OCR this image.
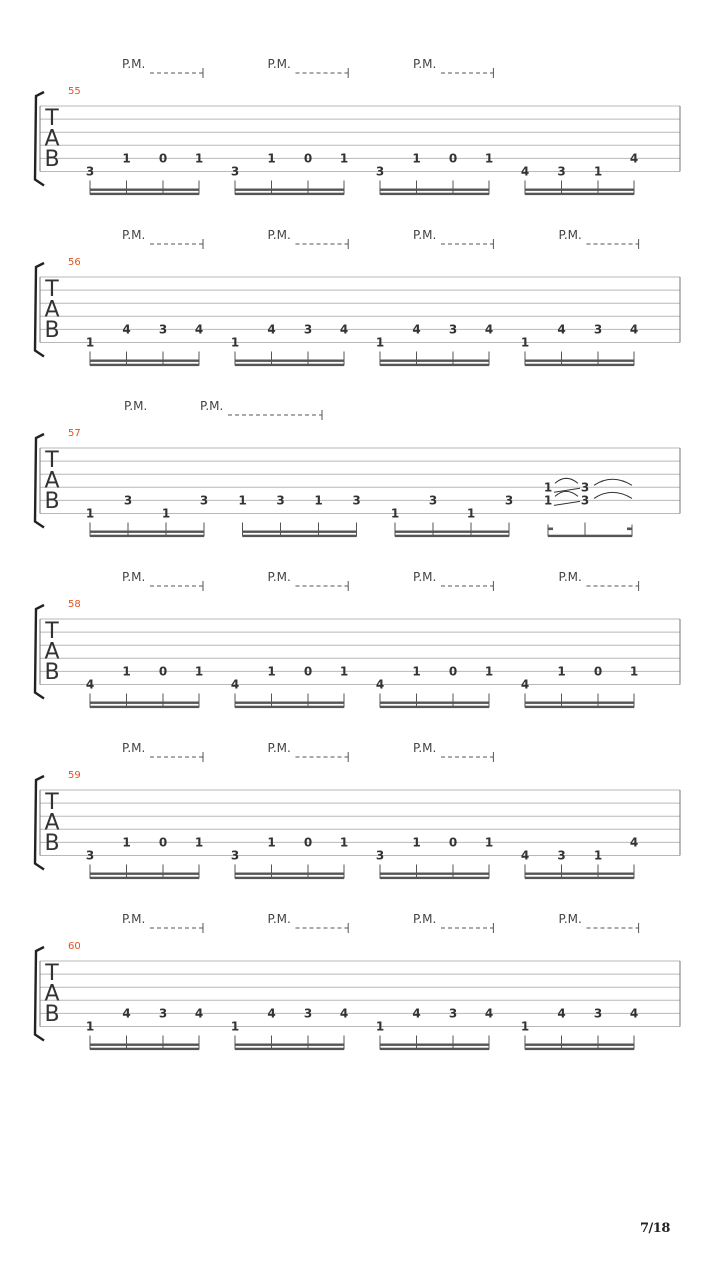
55
T
A
B
P.M.	P.M.	P.M.
3
1 0 1
3
1 0 1
3
1 0 1
4 3 1
4
56
T
A
B
P.M.	P.M.	P.M.	P.M.
1
4 3 4
1
4 3 4
1
4 3 4
1
4 3 4
57
T
A
B
P.M.	P.M.
1
3
1
3	1 3 1 3
1
3
1
3
1 3
1 3
58
T
A
B
P.M.	P.M.	P.M.	P.M.
4
1 0 1
4
1 0 1
4
1 0 1
4
1 0 1
59
T
A
B
P.M.	P.M.	P.M.
3
1 0 1
3
1 0 1
3
1 0 1
4 3 1
4
60
T
A
B
P.M.	P.M.	P.M.	P.M.
1
4 3 4
1
4 3 4
1
4 3 4
1
4 3 4
7/18
